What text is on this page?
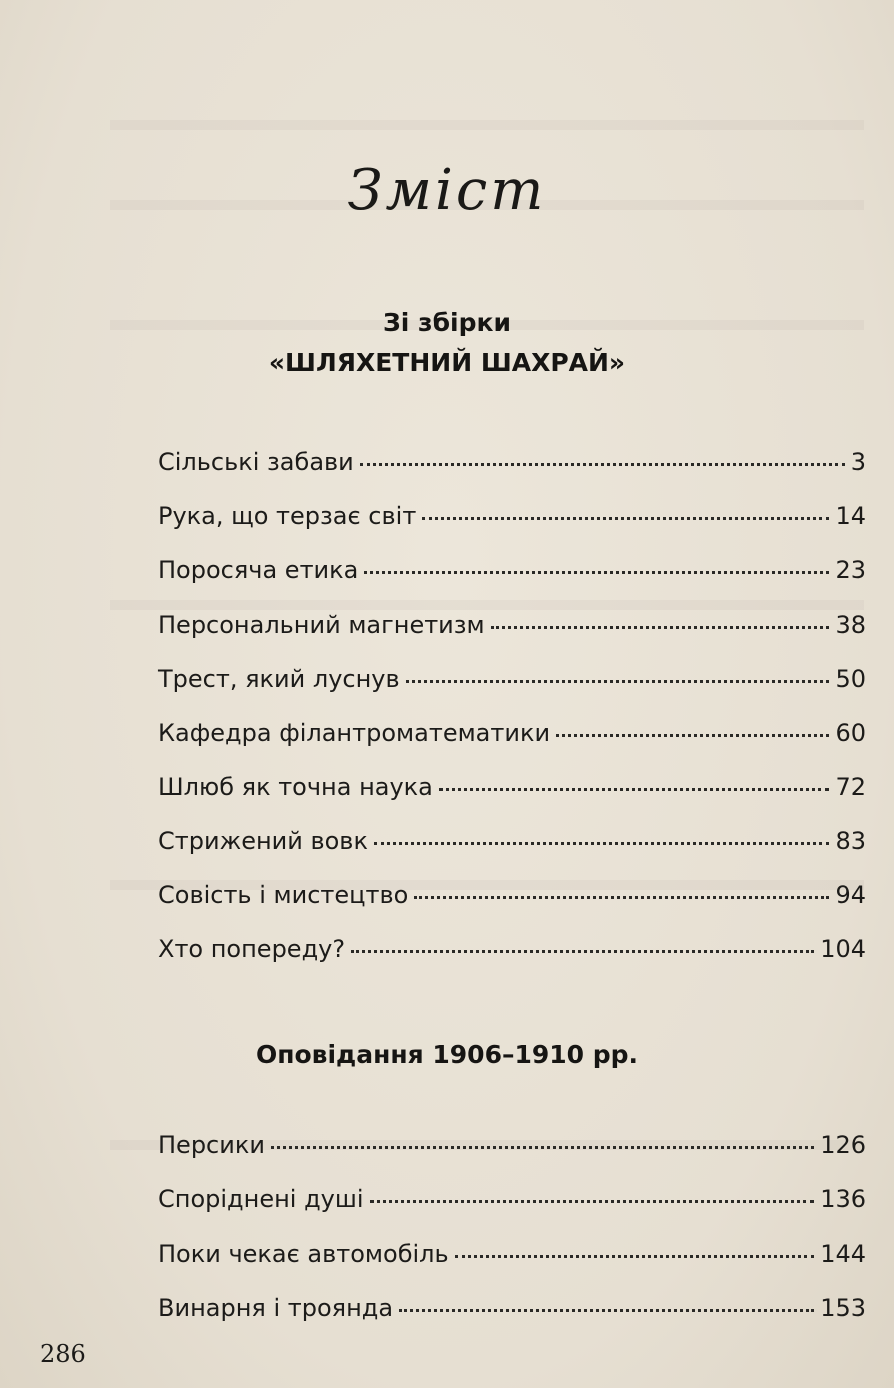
Зміст
Зі збірки
«ШЛЯХЕТНИЙ ШАХРАЙ»
Сільські забави	3
Рука, що терзає світ	14
Поросяча етика	23
Персональний магнетизм	38
Трест, який луснув	50
Кафедра філантроматематики	60
Шлюб як точна наука	72
Стрижений вовк	83
Совість і мистецтво	94
Хто попереду?	104
Оповідання 1906–1910 рр.
Персики	126
Споріднені душі	136
Поки чекає автомобіль	144
Винарня і троянда	153
286
